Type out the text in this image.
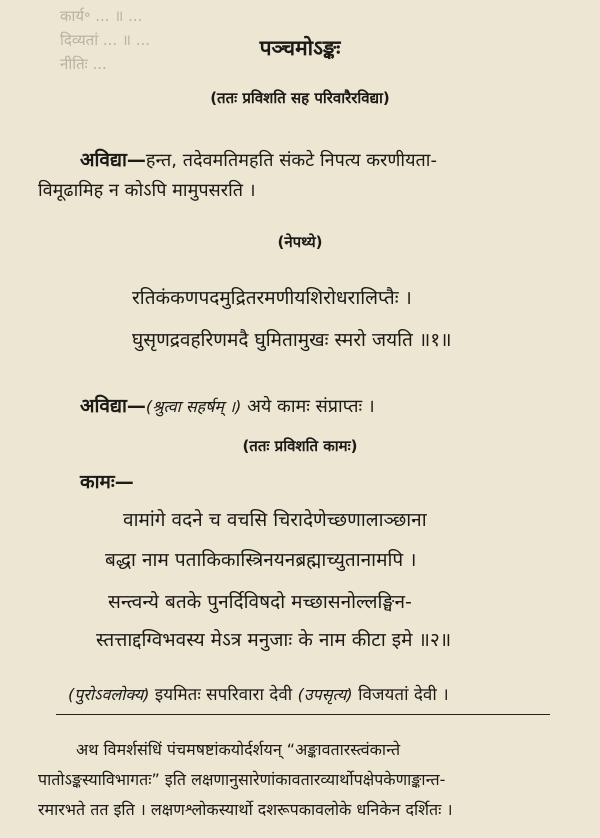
कार्य॰ ... ॥ ...
दिव्यतां ... ॥ ...
नीतिः ...
पञ्चमोऽङ्कः
(ततः प्रविशति सह परिवारैरविद्या)
अविद्या—हन्त, तदेवमतिमहति संकटे निपत्य करणीयता-
विमूढामिह न कोऽपि मामुपसरति ।
(नेपथ्ये)
रतिकंकणपदमुद्रितरमणीयशिरोधरालिप्तैः ।
घुसृणद्रवहरिणमदै घुमितामुखः स्मरो जयति ॥१॥
अविद्या—(श्रुत्वा सहर्षम् ।) अये कामः संप्राप्तः ।
(ततः प्रविशति कामः)
कामः—
वामांगे वदने च वचसि चिरादेणेच्छणालाञ्छाना
बद्धा नाम पताकिकास्त्रिनयनब्रह्माच्युतानामपि ।
सन्त्वन्ये बतके पुनर्दिविषदो मच्छासनोल्लङ्घिन-
स्तत्ताद्दग्विभवस्य मेऽत्र मनुजाः के नाम कीटा इमे ॥२॥
(पुरोऽवलोक्य) इयमितः सपरिवारा देवी (उपसृत्य) विजयतां देवी ।
अथ विमर्शसंधिं पंचमषष्टांकयोर्दर्शयन् “अङ्कावतारस्त्वंकान्ते
पातोऽङ्कस्याविभागतः” इति लक्षणानुसारेणांकावतारव्यार्थोपक्षेपकेणाङ्कान्त-
रमारभते तत इति । लक्षणश्लोकस्यार्थो दशरूपकावलोके धनिकेन दर्शितः ।
